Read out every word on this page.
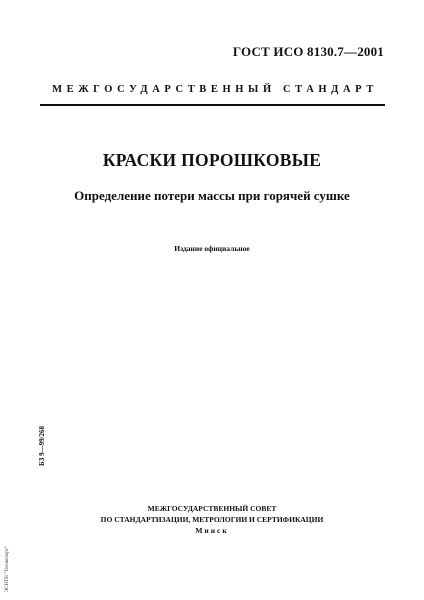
ГОСТ ИСО 8130.7—2001
МЕЖГОСУДАРСТВЕННЫЙ СТАНДАРТ
КРАСКИ ПОРОШКОВЫЕ
Определение потери массы при горячей сушке
Издание официальное
БЗ 9—99/268
ЭСНТН "Техэксперт"
МЕЖГОСУДАРСТВЕННЫЙ СОВЕТ
ПО СТАНДАРТИЗАЦИИ, МЕТРОЛОГИИ И СЕРТИФИКАЦИИ
Минск
